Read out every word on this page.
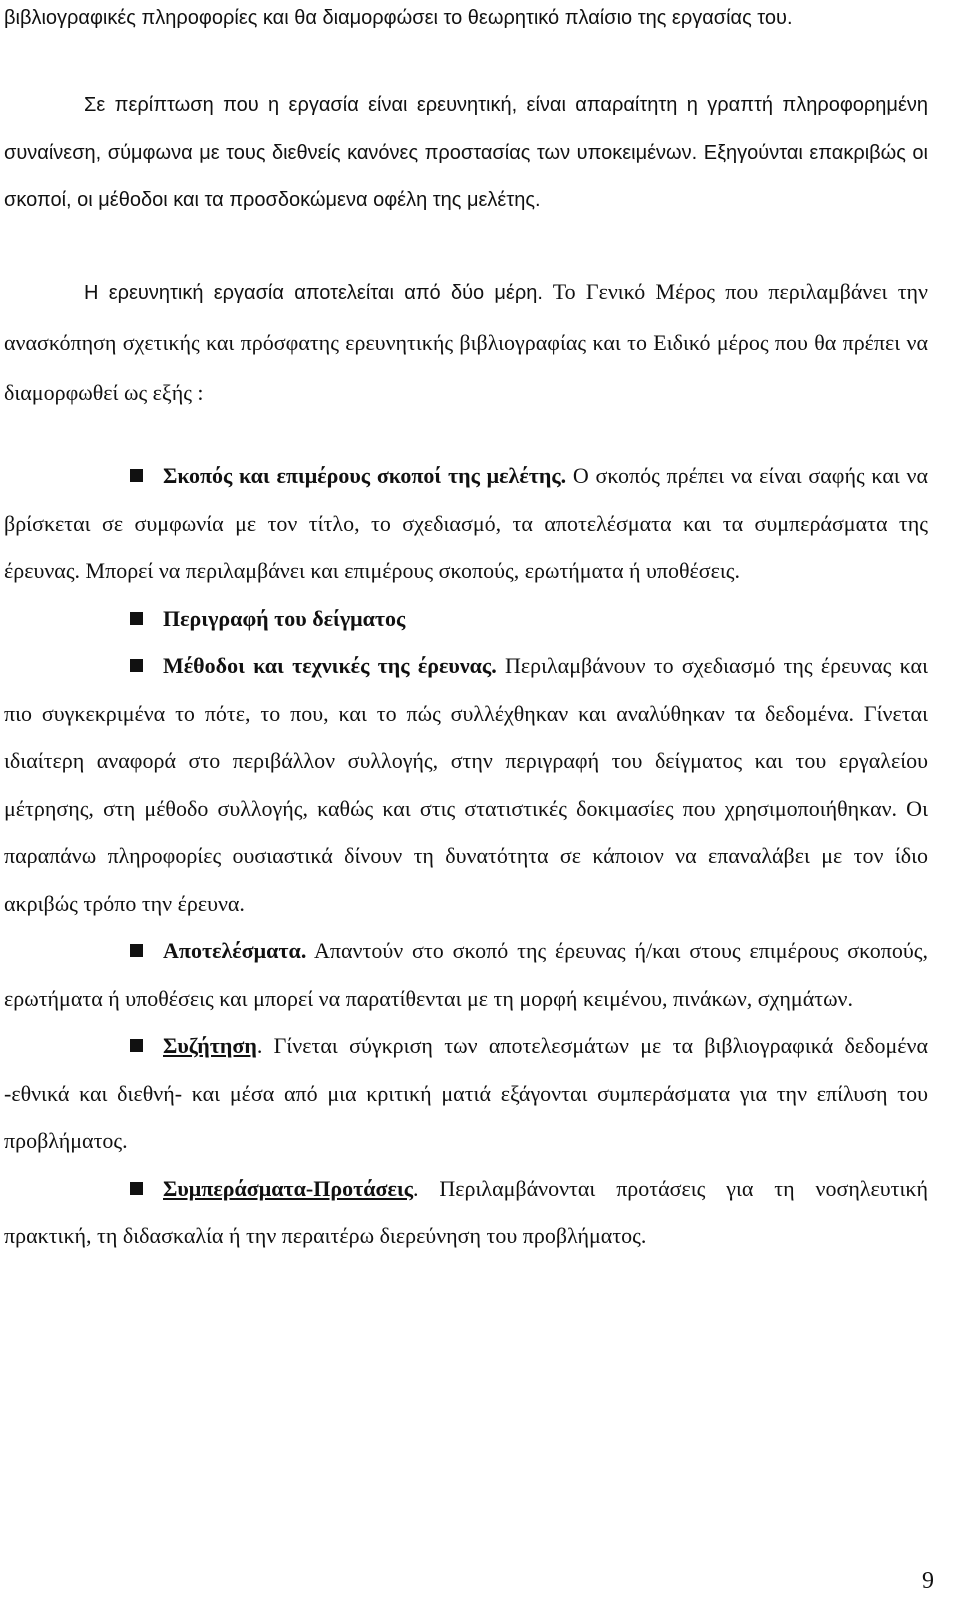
βιβλιογραφικές πληροφορίες και θα διαμορφώσει το θεωρητικό πλαίσιο της εργασίας του.

Σε περίπτωση που η εργασία είναι ερευνητική, είναι απαραίτητη η γραπτή πληροφορημένη συναίνεση, σύμφωνα με τους διεθνείς κανόνες προστασίας των υποκειμένων. Εξηγούνται επακριβώς οι σκοποί, οι μέθοδοι και τα προσδοκώμενα οφέλη της μελέτης.

Η ερευνητική εργασία αποτελείται από δύο μέρη. Το Γενικό Μέρος που περιλαμβάνει την ανασκόπηση σχετικής και πρόσφατης ερευνητικής βιβλιογραφίας και το Ειδικό μέρος που θα πρέπει να διαμορφωθεί ως εξής :

Σκοπός και επιμέρους σκοποί της μελέτης. Ο σκοπός πρέπει να είναι σαφής και να βρίσκεται σε συμφωνία με τον τίτλο, το σχεδιασμό, τα αποτελέσματα και τα συμπεράσματα της έρευνας. Μπορεί να περιλαμβάνει και επιμέρους σκοπούς, ερωτήματα ή υποθέσεις.

Περιγραφή του δείγματος

Μέθοδοι και τεχνικές της έρευνας. Περιλαμβάνουν το σχεδιασμό της έρευνας και πιο συγκεκριμένα το πότε, το που, και το πώς συλλέχθηκαν και αναλύθηκαν τα δεδομένα. Γίνεται ιδιαίτερη αναφορά στο περιβάλλον συλλογής, στην περιγραφή του δείγματος και του εργαλείου μέτρησης, στη μέθοδο συλλογής, καθώς και στις στατιστικές δοκιμασίες που χρησιμοποιήθηκαν. Οι παραπάνω πληροφορίες ουσιαστικά δίνουν τη δυνατότητα σε κάποιον να επαναλάβει με τον ίδιο ακριβώς τρόπο την έρευνα.

Αποτελέσματα. Απαντούν στο σκοπό της έρευνας ή/και στους επιμέρους σκοπούς, ερωτήματα ή υποθέσεις και μπορεί να παρατίθενται με τη μορφή κειμένου, πινάκων, σχημάτων.

Συζήτηση. Γίνεται σύγκριση των αποτελεσμάτων με τα βιβλιογραφικά δεδομένα -εθνικά και διεθνή- και μέσα από μια κριτική ματιά εξάγονται συμπεράσματα για την επίλυση του προβλήματος.

Συμπεράσματα-Προτάσεις. Περιλαμβάνονται προτάσεις για τη νοσηλευτική πρακτική, τη διδασκαλία ή την περαιτέρω διερεύνηση του προβλήματος.

9
